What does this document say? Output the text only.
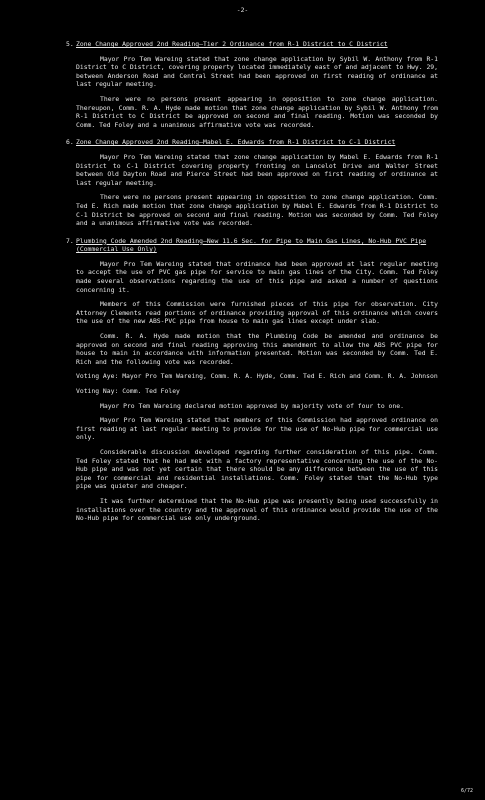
-2-
5. Zone Change Approved 2nd Reading—Tier 2 Ordinance from R-1 District to C District

Mayor Pro Tem Wareing stated that zone change application by Sybil W. Anthony from R-1 District to C District, covering property located immediately east of and adjacent to Hwy. 29, between Anderson Road and Central Street had been approved on first reading of ordinance at last regular meeting.

There were no persons present appearing in opposition to zone change application. Thereupon, Comm. R. A. Hyde made motion that zone change application by Sybil W. Anthony from R-1 District to C District be approved on second and final reading. Motion was seconded by Comm. Ted Foley and a unanimous affirmative vote was recorded.

6. Zone Change Approved 2nd Reading—Mabel E. Edwards from R-1 District to C-1 District

Mayor Pro Tem Wareing stated that zone change application by Mabel E. Edwards from R-1 District to C-1 District covering property fronting on Lancelot Drive and Walter Street between Old Dayton Road and Pierce Street had been approved on first reading of ordinance at last regular meeting.

There were no persons present appearing in opposition to zone change application. Comm. Ted E. Rich made motion that zone change application by Mabel E. Edwards from R-1 District to C-1 District be approved on second and final reading. Motion was seconded by Comm. Ted Foley and a unanimous affirmative vote was recorded.

7. Plumbing Code Amended 2nd Reading—New 11.6 Sec. for Pipe to Main Gas Lines, No-Hub PVC Pipe (Commercial Use Only)

Mayor Pro Tem Wareing stated that ordinance had been approved at last regular meeting to accept the use of PVC gas pipe for service to main gas lines of the City. Comm. Ted Foley made several observations regarding the use of this pipe and asked a number of questions concerning it.

Members of this Commission were furnished pieces of this pipe for observation. City Attorney Clements read portions of ordinance providing approval of this ordinance which covers the use of the new ABS-PVC pipe from house to main gas lines except under slab.

Comm. R. A. Hyde made motion that the Plumbing Code be amended and ordinance be approved on second and final reading approving this amendment to allow the ABS PVC pipe for house to main in accordance with information presented. Motion was seconded by Comm. Ted E. Rich and the following vote was recorded.

Voting Aye: Mayor Pro Tem Wareing, Comm. R. A. Hyde, Comm. Ted E. Rich and Comm. R. A. Johnson

Voting Nay: Comm. Ted Foley

Mayor Pro Tem Wareing declared motion approved by majority vote of four to one.

Mayor Pro Tem Wareing stated that members of this Commission had approved ordinance on first reading at last regular meeting to provide for the use of No-Hub pipe for commercial use only.

Considerable discussion developed regarding further consideration of this pipe. Comm. Ted Foley stated that he had met with a factory representative concerning the use of the No-Hub pipe and was not yet certain that there should be any difference between the use of this pipe for commercial and residential installations. Comm. Foley stated that the No-Hub type pipe was quieter and cheaper.

It was further determined that the No-Hub pipe was presently being used successfully in installations over the country and the approval of this ordinance would provide the use of the No-Hub pipe for commercial use only underground.

6/72
